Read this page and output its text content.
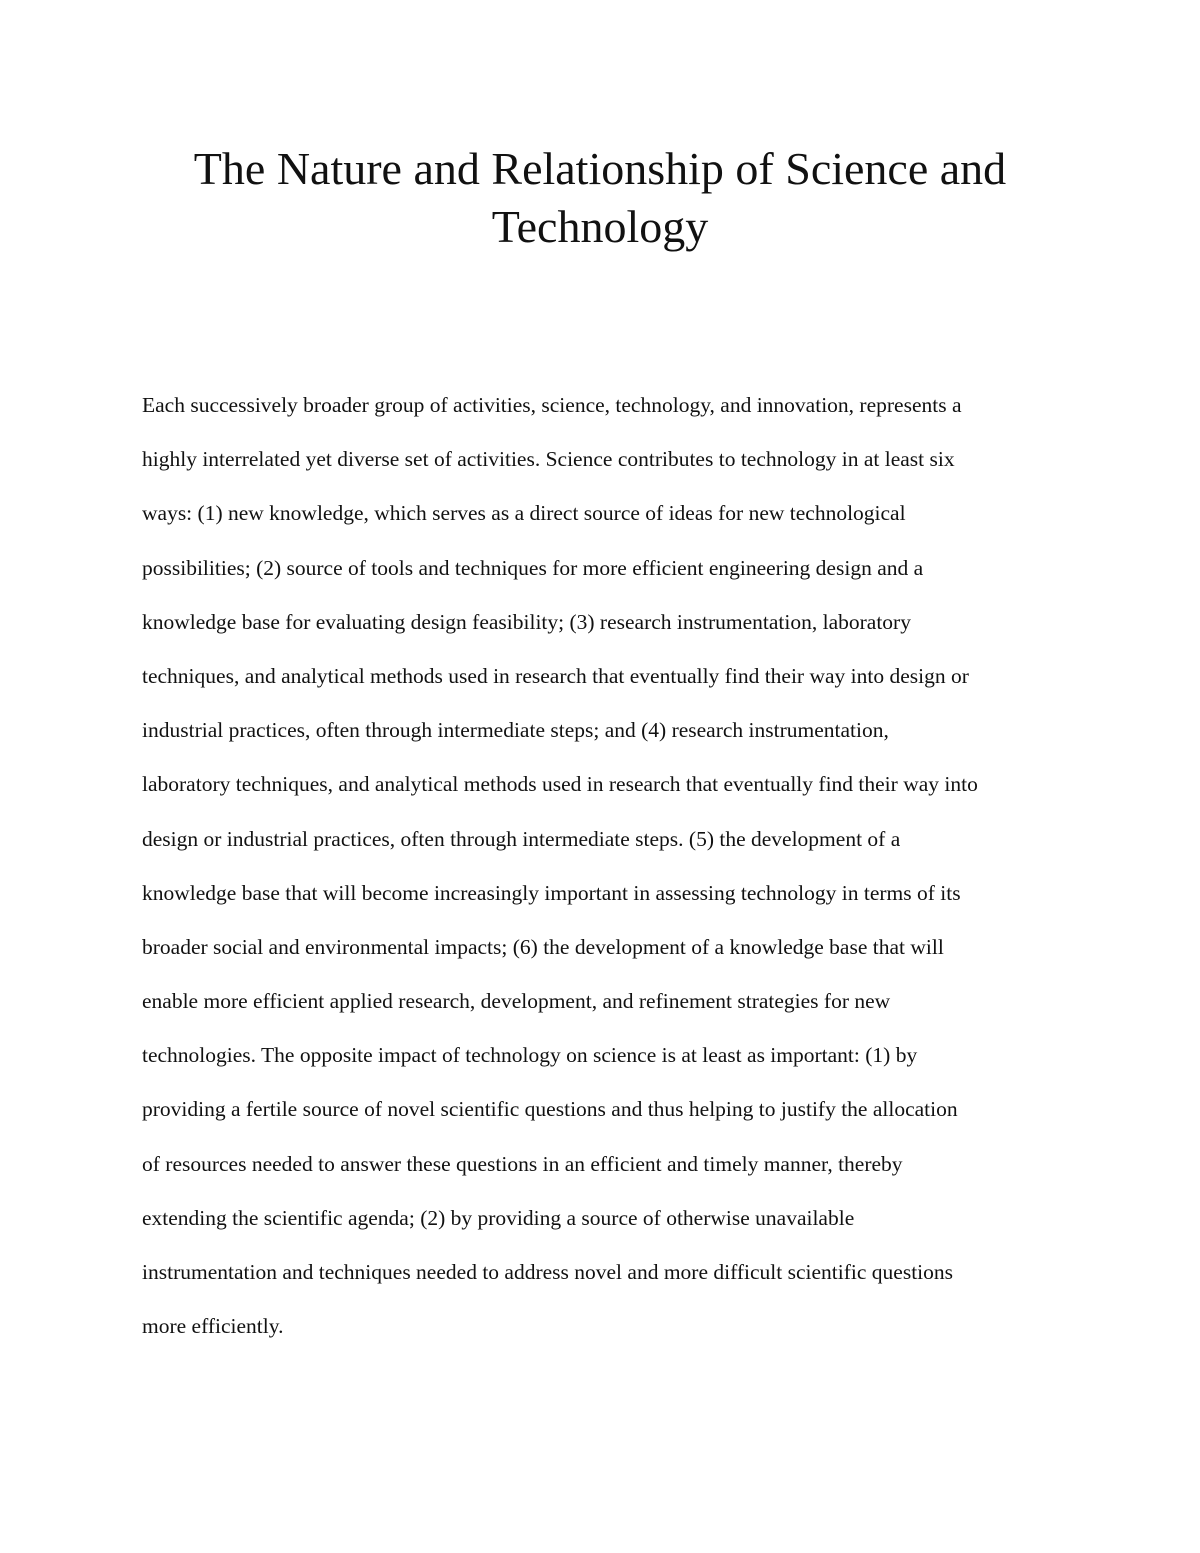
The Nature and Relationship of Science and Technology
Each successively broader group of activities, science, technology, and innovation, represents a
highly interrelated yet diverse set of activities. Science contributes to technology in at least six
ways: (1) new knowledge, which serves as a direct source of ideas for new technological
possibilities; (2) source of tools and techniques for more efficient engineering design and a
knowledge base for evaluating design feasibility; (3) research instrumentation, laboratory
techniques, and analytical methods used in research that eventually find their way into design or
industrial practices, often through intermediate steps; and (4) research instrumentation,
laboratory techniques, and analytical methods used in research that eventually find their way into
design or industrial practices, often through intermediate steps. (5) the development of a
knowledge base that will become increasingly important in assessing technology in terms of its
broader social and environmental impacts; (6) the development of a knowledge base that will
enable more efficient applied research, development, and refinement strategies for new
technologies. The opposite impact of technology on science is at least as important: (1) by
providing a fertile source of novel scientific questions and thus helping to justify the allocation
of resources needed to answer these questions in an efficient and timely manner, thereby
extending the scientific agenda; (2) by providing a source of otherwise unavailable
instrumentation and techniques needed to address novel and more difficult scientific questions
more efficiently.
